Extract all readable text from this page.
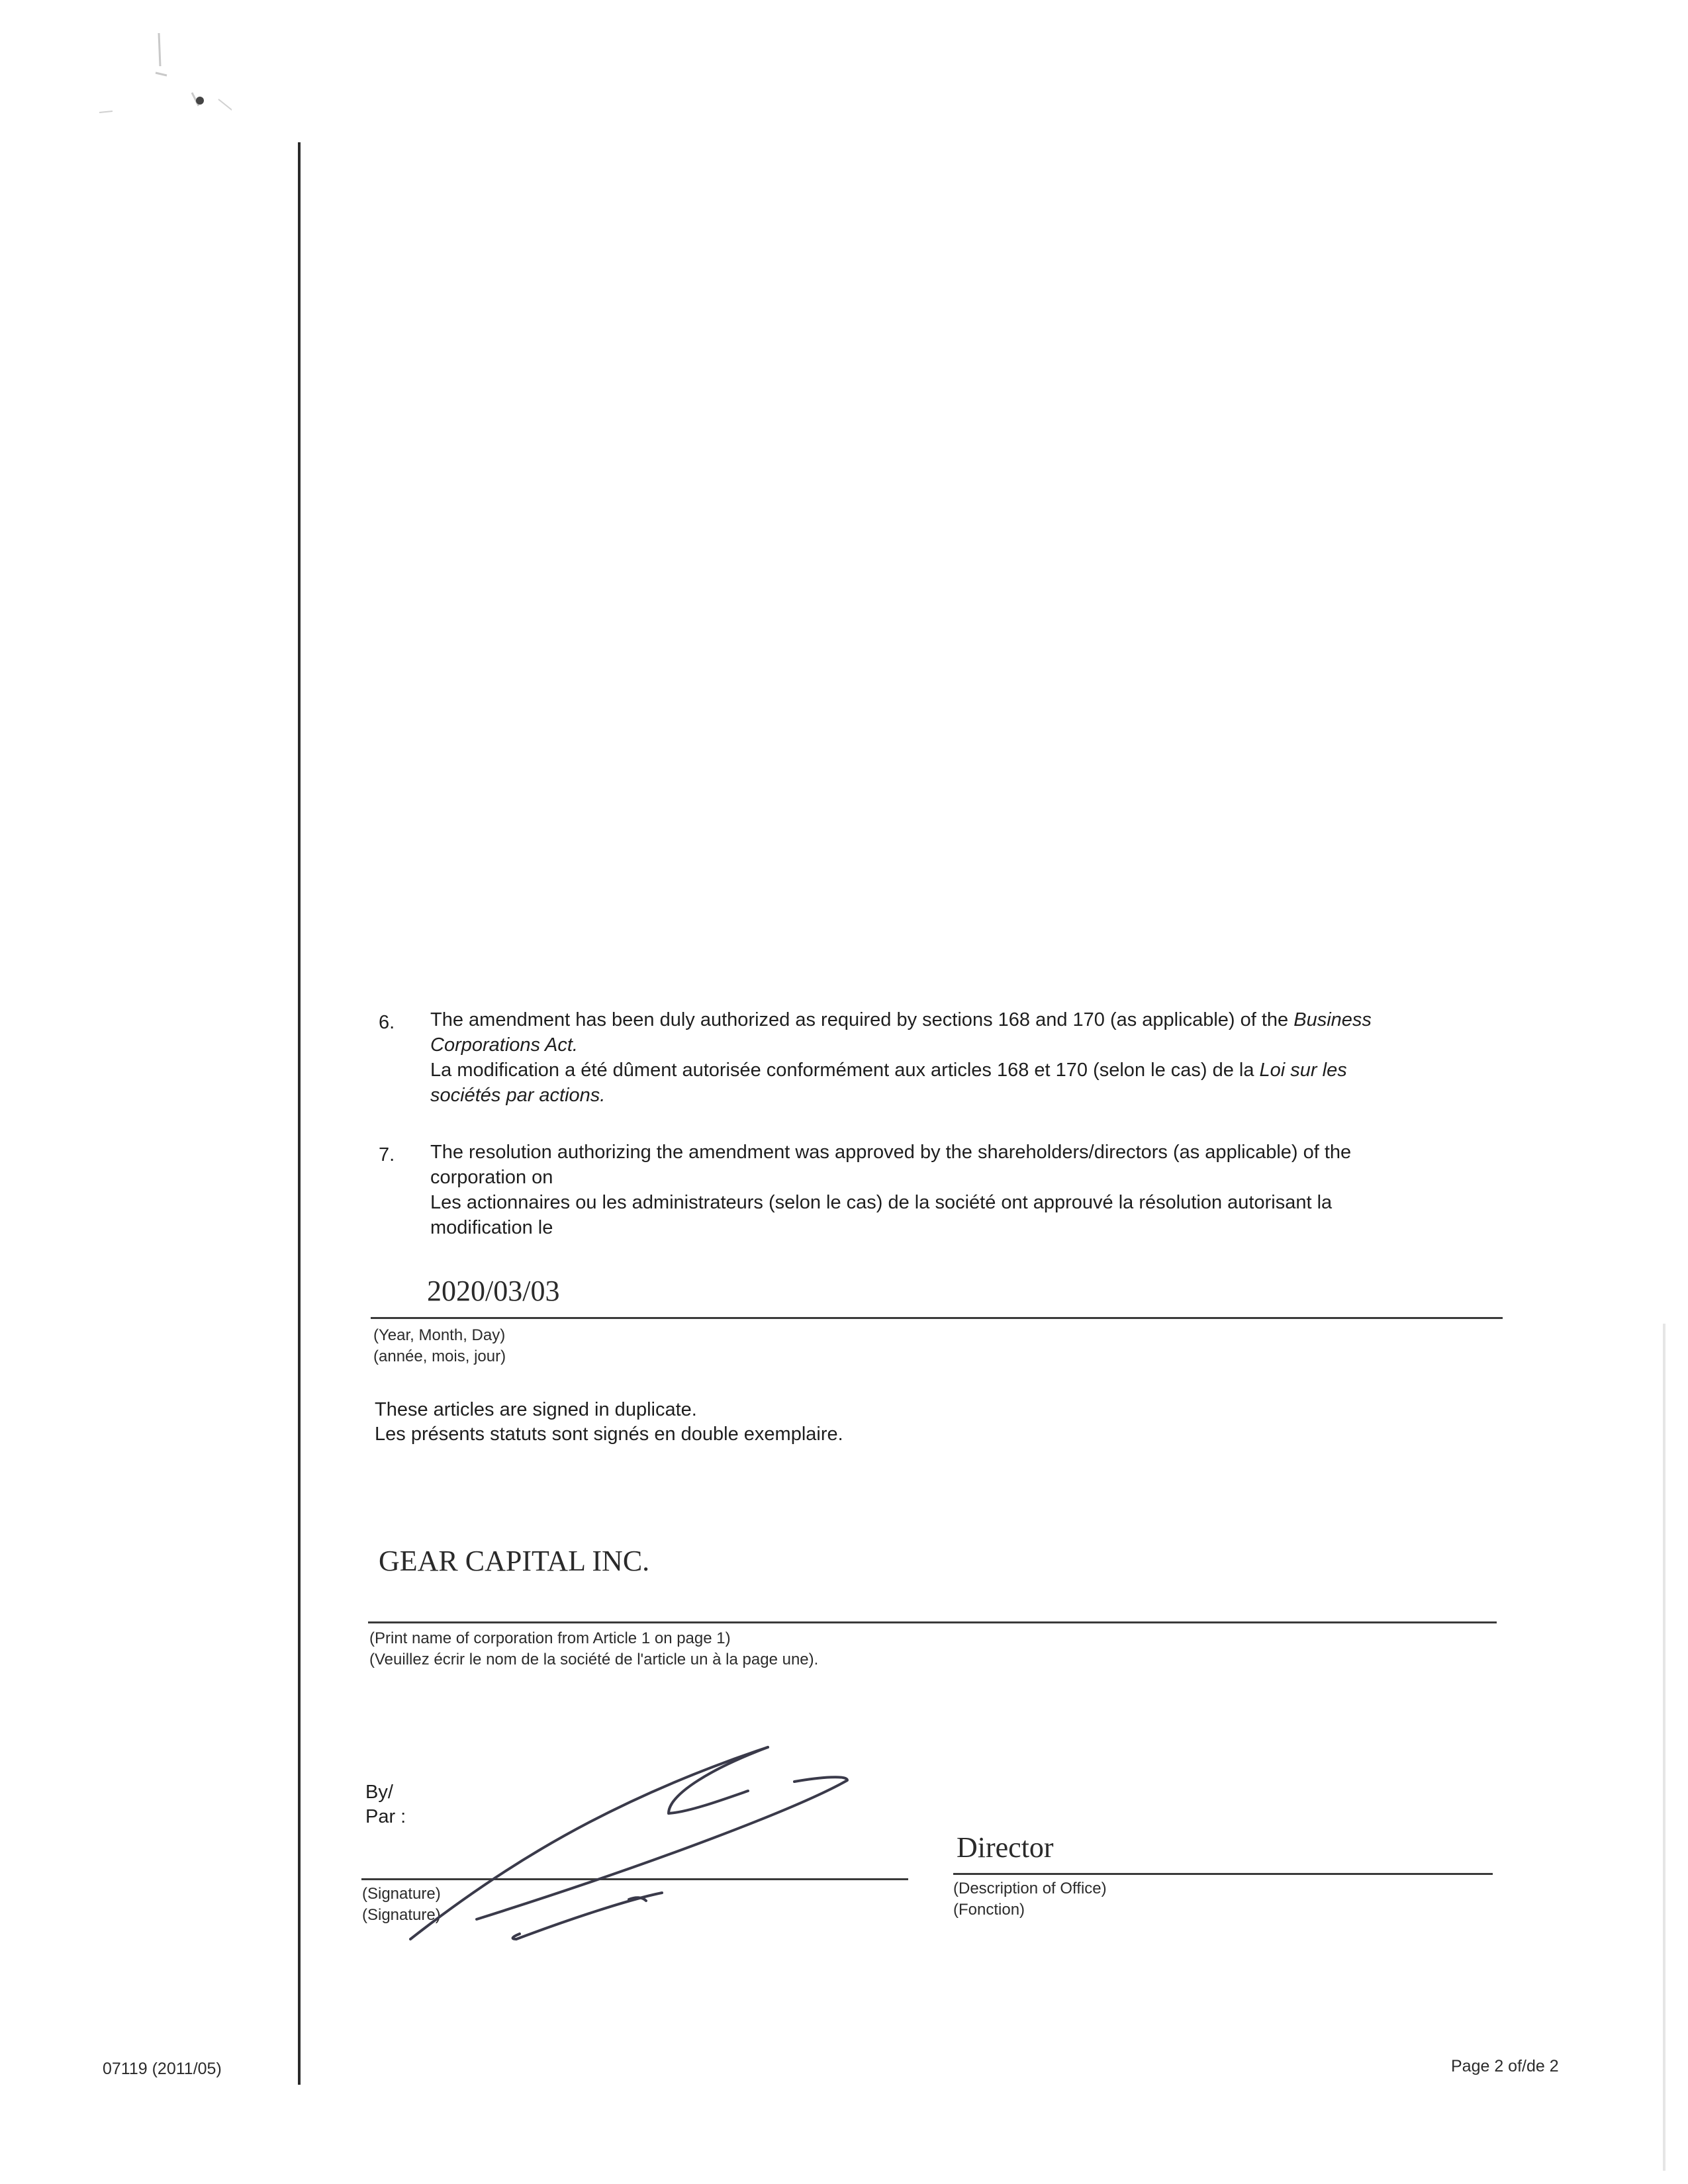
6. The amendment has been duly authorized as required by sections 168 and 170 (as applicable) of the Business

Corporations Act.

La modification a été dûment autorisée conformément aux articles 168 et 170 (selon le cas) de la Loi sur les

sociétés par actions.

7. The resolution authorizing the amendment was approved by the shareholders/directors (as applicable) of the

corporation on

Les actionnaires ou les administrateurs (selon le cas) de la société ont approuvé la résolution autorisant la

modification le

2020/03/03
(Year, Month, Day)
(année, mois, jour)
These articles are signed in duplicate.
Les présents statuts sont signés en double exemplaire.
GEAR CAPITAL INC.
(Print name of corporation from Article 1 on page 1)
(Veuillez écrir le nom de la société de l'article un à la page une).
By/
Par :
(Signature)
(Signature)
Director
(Description of Office)
(Fonction)
07119 (2011/05)	Page 2 of/de 2
